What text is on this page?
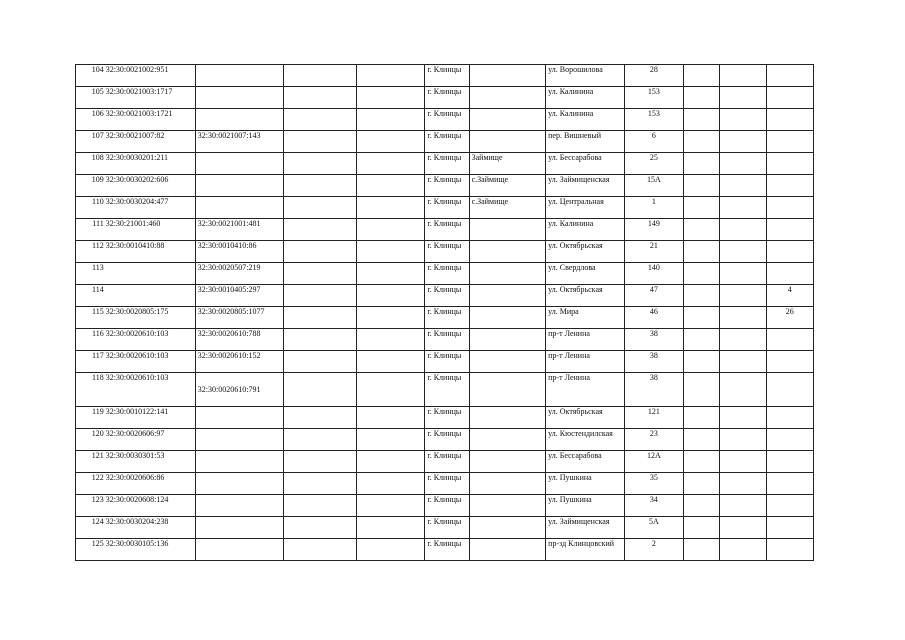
104	32:30:0021002:951				г. Клинцы		ул. Ворошилова	28			
105	32:30:0021003:1717				г. Клинцы		ул. Калинина	153			
106	32:30:0021003:1721				г. Клинцы		ул. Калинина	153			
107	32:30:0021007:82	32:30:0021007:143			г. Клинцы		пер. Вишневый	6			
108	32:30:0030201:211				г. Клинцы	Займище	ул. Бессарабова	25			
109	32:30:0030202:606				г. Клинцы	с.Займище	ул. Займищенская	15А			
110	32:30:0030204:477				г. Клинцы	с.Займище	ул. Центральная	1			
111	32:30:21001:460	32:30:0021001:481			г. Клинцы		ул. Калинина	149			
112	32:30:0010410:88	32:30:0010410:86			г. Клинцы		ул. Октябрьская	21			
113		32:30:0020507:219			г. Клинцы		ул. Свердлова	140			
114		32:30:0010405:297			г. Клинцы		ул. Октябрьская	47			4
115	32:30:0020805:175	32:30:0020805:1077			г. Клинцы		ул. Мира	46			26
116	32:30:0020610:103	32:30:0020610:788			г. Клинцы		пр-т Ленина	38			
117	32:30:0020610:103	32:30:0020610:152			г. Клинцы		пр-т Ленина	38			
118	32:30:0020610:103	32:30:0020610:791			г. Клинцы		пр-т Ленина	38			
119	32:30:0010122:141				г. Клинцы		ул. Октябрьская	121			
120	32:30:0020606:97				г. Клинцы		ул. Кюстендилская	23			
121	32:30:0030301:53				г. Клинцы		ул. Бессарабова	12А			
122	32:30:0020606:86				г. Клинцы		ул. Пушкина	35			
123	32:30:0020608:124				г. Клинцы		ул. Пушкина	34			
124	32:30:0030204:238				г. Клинцы		ул. Займищенская	5А			
125	32:30:0030105:136				г. Клинцы		пр-зд Клинцовский	2			
